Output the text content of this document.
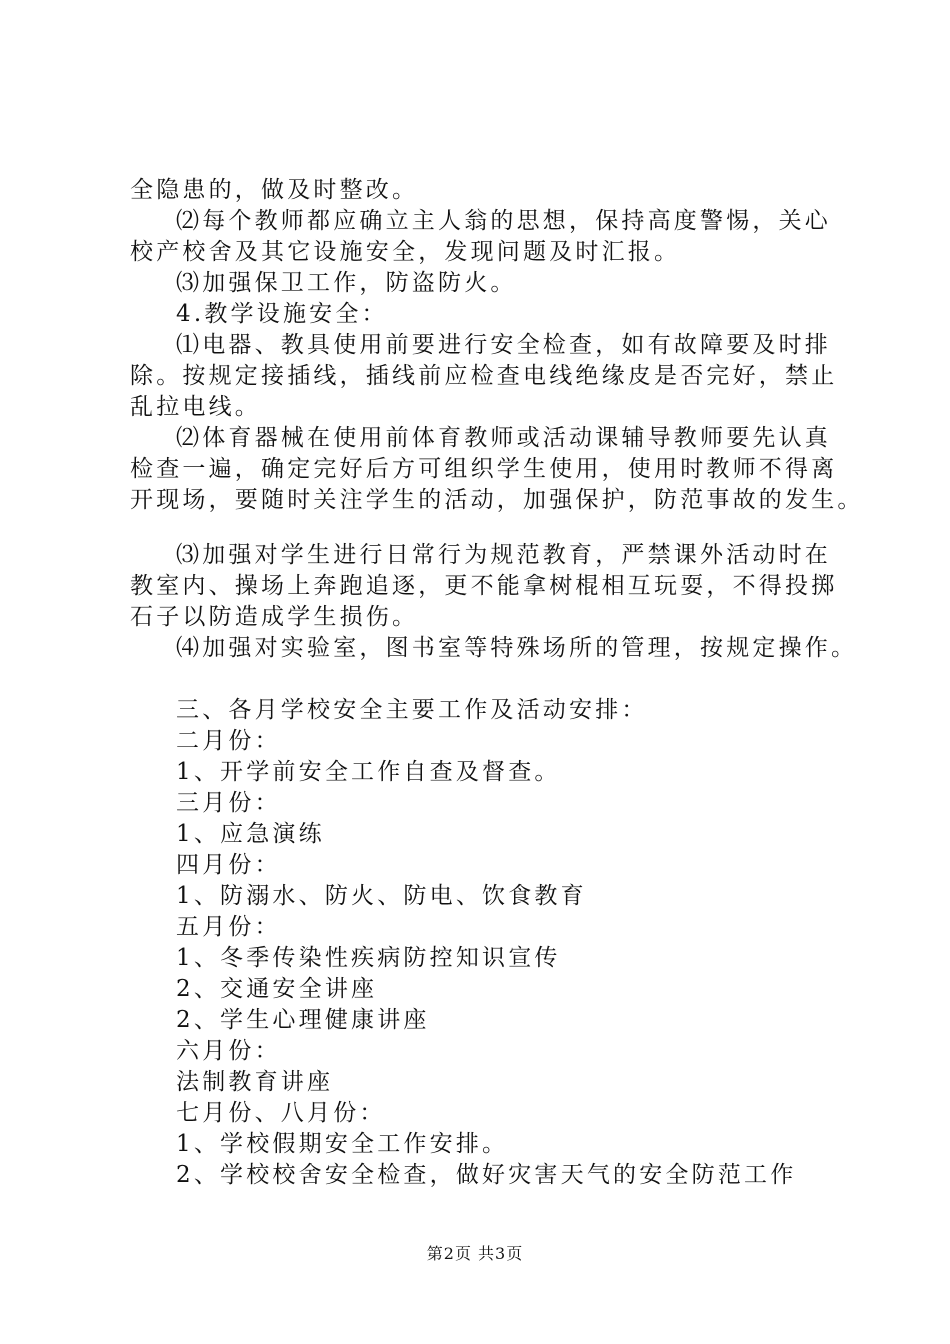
全隐患的，做及时整改。
⑵每个教师都应确立主人翁的思想，保持高度警惕，关心
校产校舍及其它设施安全，发现问题及时汇报。
⑶加强保卫工作，防盗防火。
4.教学设施安全：
⑴电器、教具使用前要进行安全检查，如有故障要及时排
除。按规定接插线，插线前应检查电线绝缘皮是否完好，禁止
乱拉电线。
⑵体育器械在使用前体育教师或活动课辅导教师要先认真
检查一遍，确定完好后方可组织学生使用，使用时教师不得离
开现场，要随时关注学生的活动，加强保护，防范事故的发生。
⑶加强对学生进行日常行为规范教育，严禁课外活动时在
教室内、操场上奔跑追逐，更不能拿树棍相互玩耍，不得投掷
石子以防造成学生损伤。
⑷加强对实验室，图书室等特殊场所的管理，按规定操作。
三、各月学校安全主要工作及活动安排：
二月份：
1、开学前安全工作自查及督查。
三月份：
1、应急演练
四月份：
1、防溺水、防火、防电、饮食教育
五月份：
1、冬季传染性疾病防控知识宣传
2、交通安全讲座
2、学生心理健康讲座
六月份：
法制教育讲座
七月份、八月份：
1、学校假期安全工作安排。
2、学校校舍安全检查，做好灾害天气的安全防范工作
第2页 共3页
